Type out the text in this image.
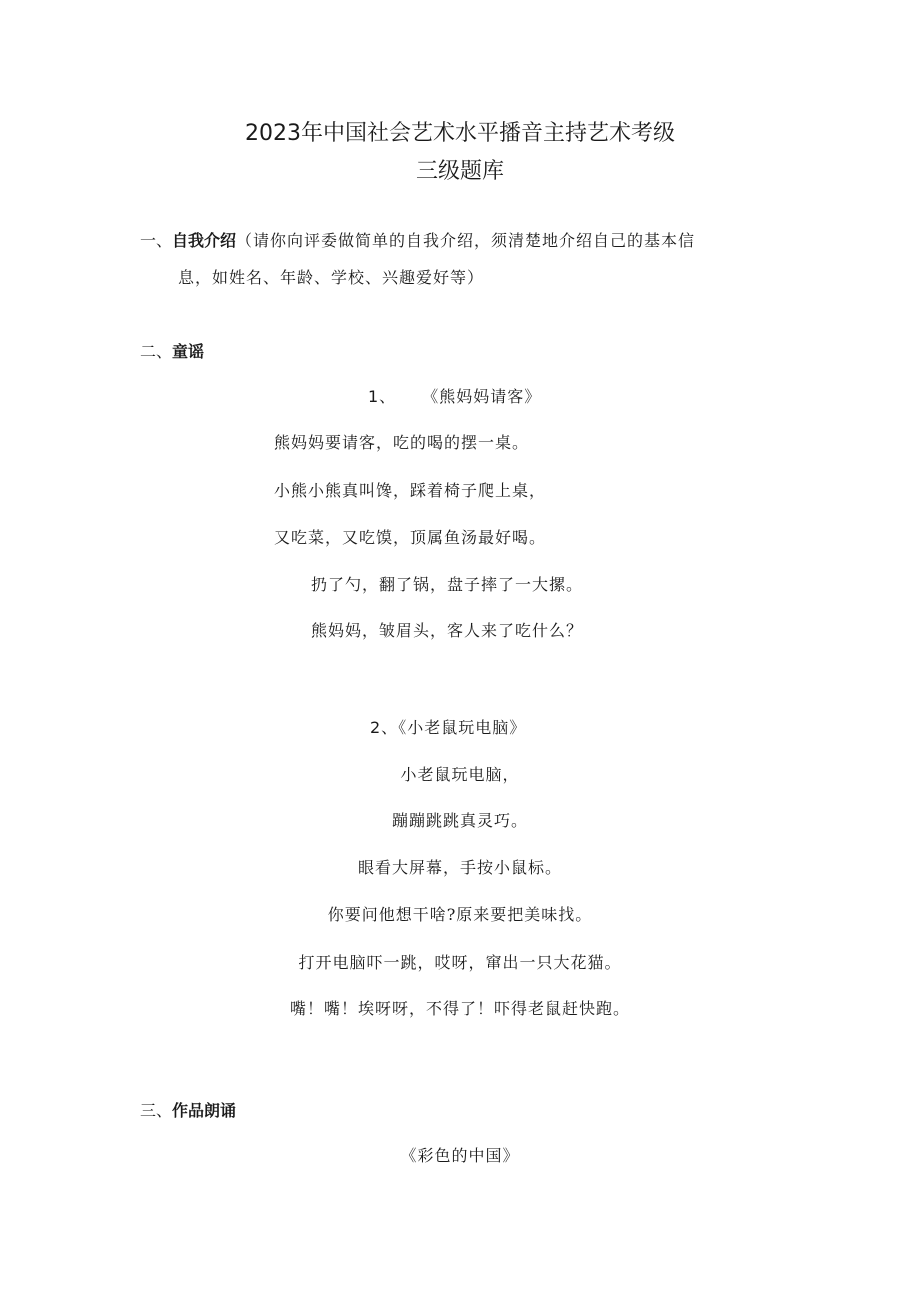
2023年中国社会艺术水平播音主持艺术考级
三级题库
一、自我介绍（请你向评委做简单的自我介绍，须清楚地介绍自己的基本信
息，如姓名、年龄、学校、兴趣爱好等）
二、童谣
1、 《熊妈妈请客》
熊妈妈要请客，吃的喝的摆一桌。
小熊小熊真叫馋，踩着椅子爬上桌，
又吃菜，又吃馍，顶属鱼汤最好喝。
扔了勺，翻了锅，盘子摔了一大摞。
熊妈妈，皱眉头，客人来了吃什么？
2、《小老鼠玩电脑》
小老鼠玩电脑，
蹦蹦跳跳真灵巧。
眼看大屏幕，手按小鼠标。
你要问他想干啥?原来要把美味找。
打开电脑吓一跳，哎呀，窜出一只大花猫。
嘴！嘴！埃呀呀，不得了！吓得老鼠赶快跑。
三、作品朗诵
《彩色的中国》
